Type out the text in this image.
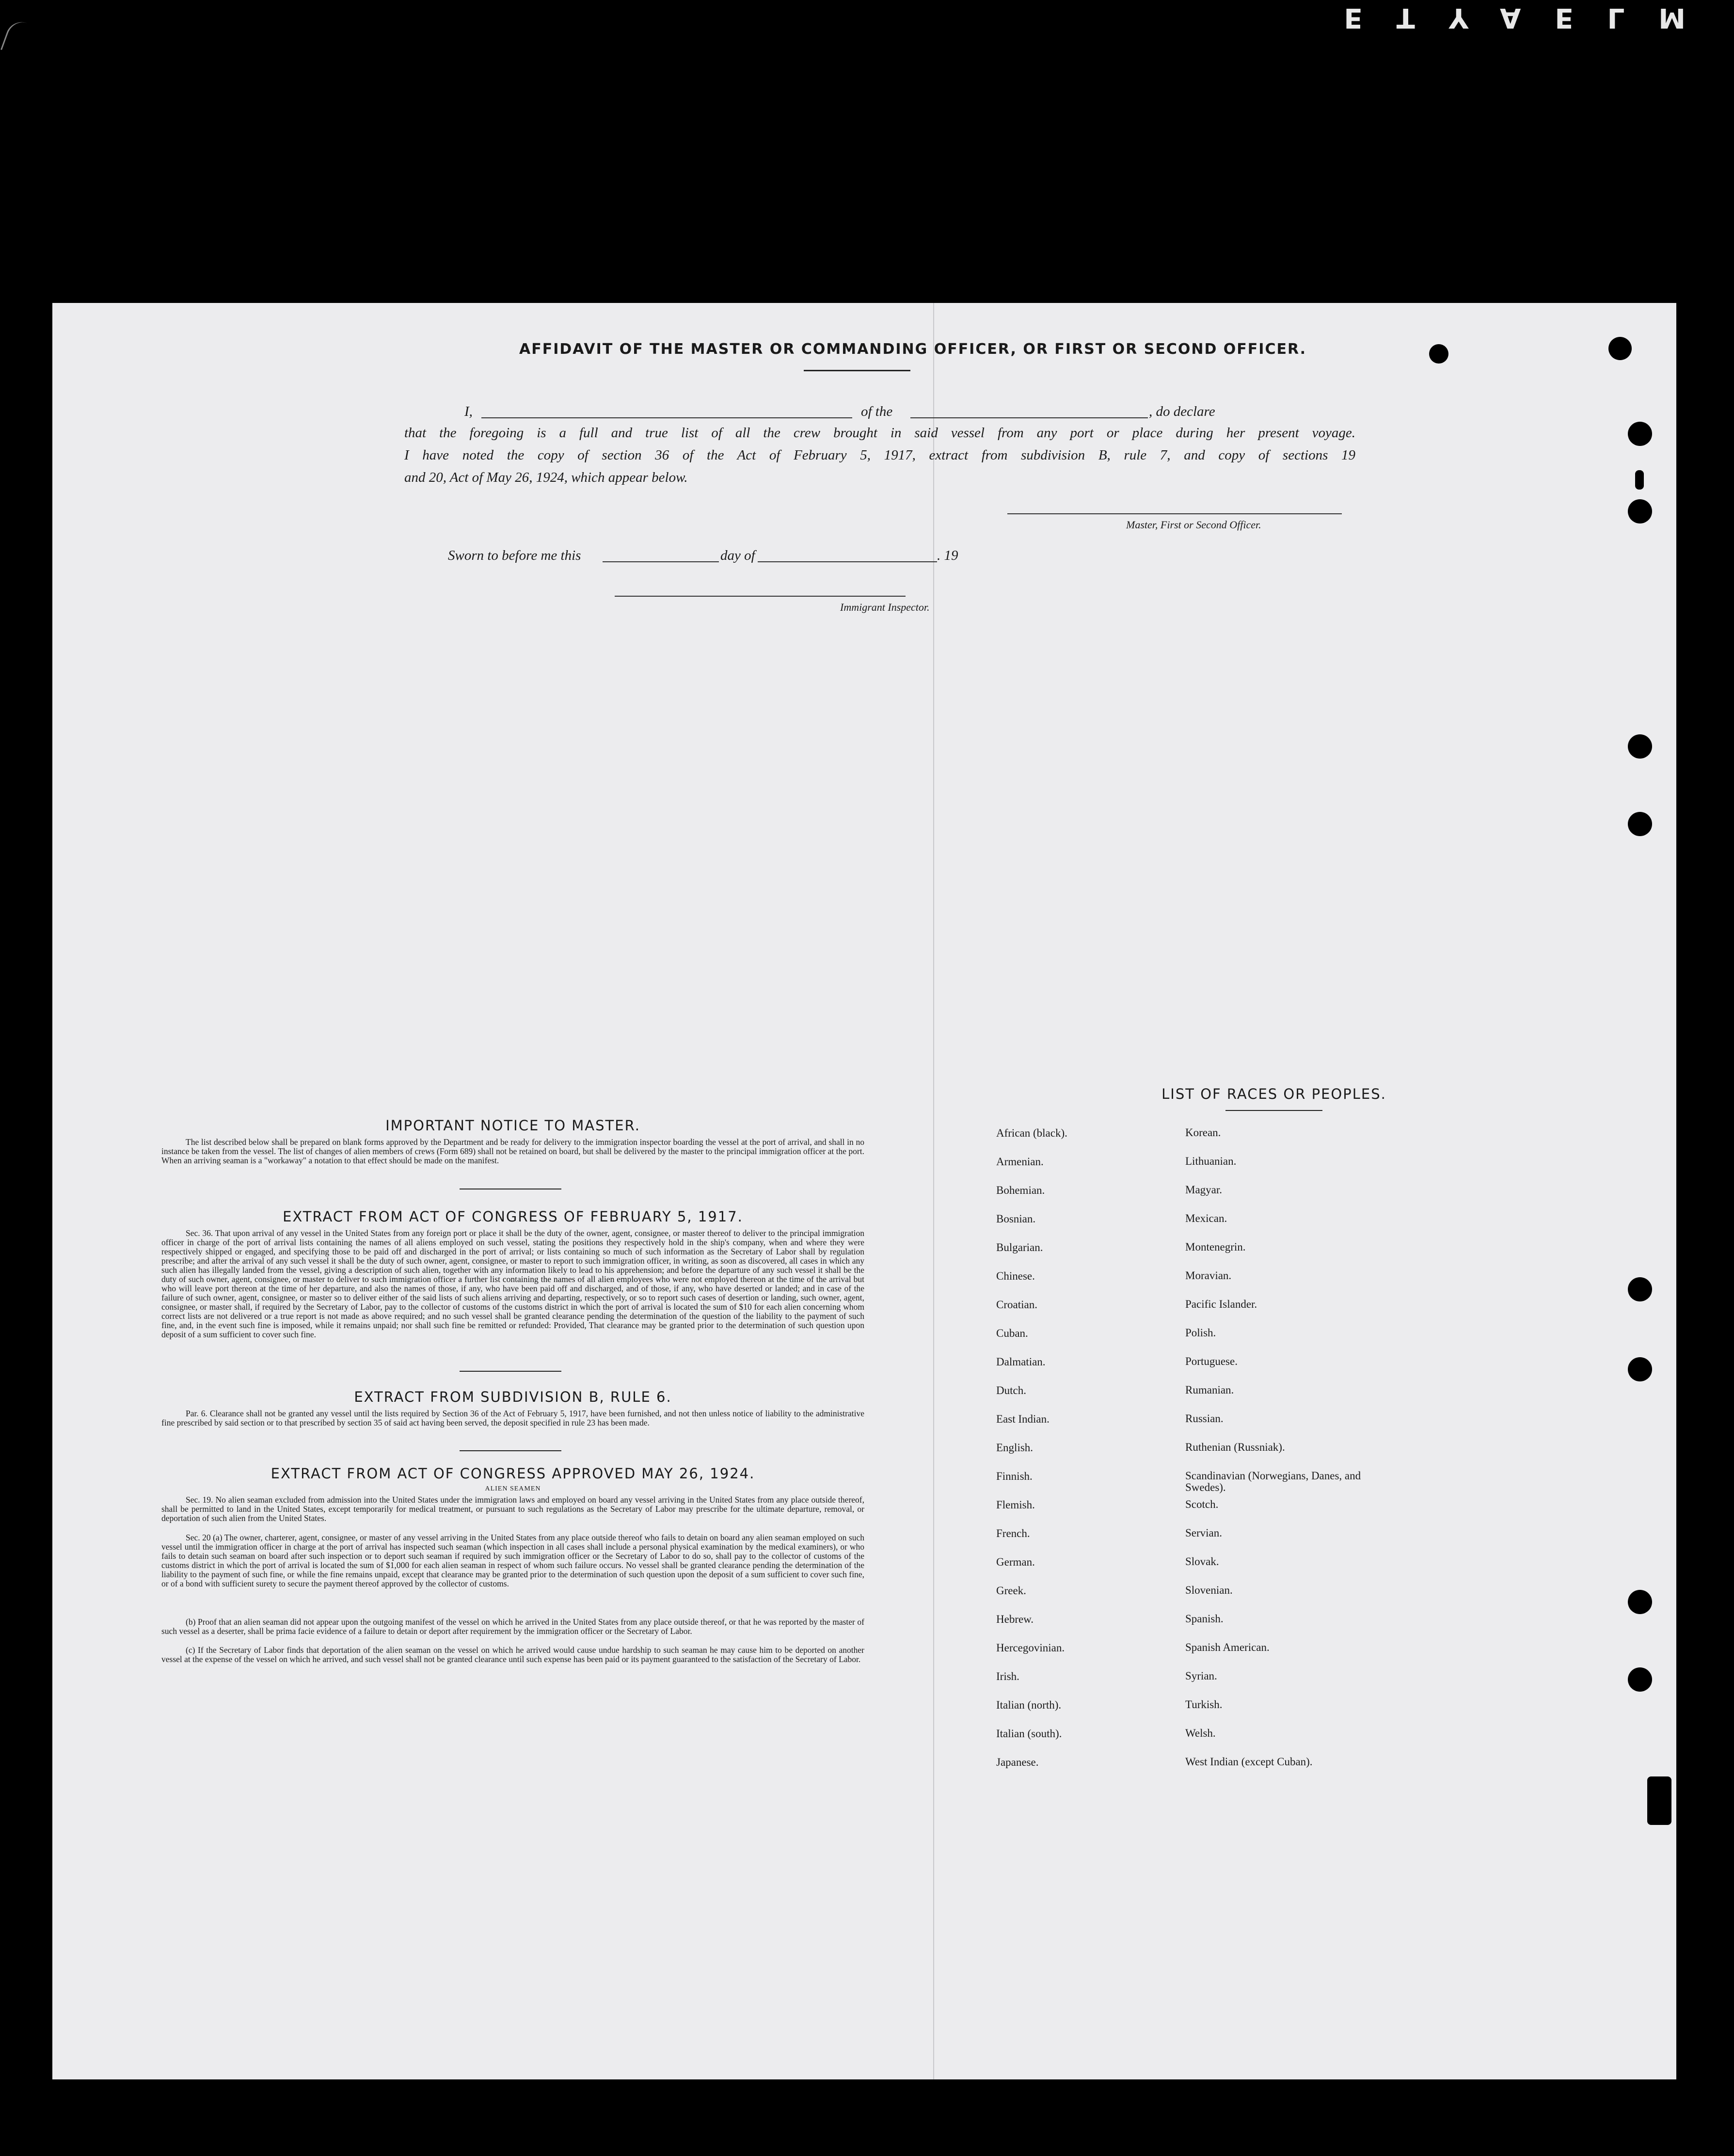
ETYAELM
AFFIDAVIT OF THE MASTER OR COMMANDING OFFICER, OR FIRST OR SECOND OFFICER.
I,	of the	, do declare
that the foregoing is a full and true list of all the crew brought in said vessel from any port or place during her present voyage.
I have noted the copy of section 36 of the Act of February 5, 1917, extract from subdivision B, rule 7, and copy of sections 19
and 20, Act of May 26, 1924, which appear below.
Master, First or Second Officer.
Sworn to before me this	day of	. 19
Immigrant Inspector.
IMPORTANT NOTICE TO MASTER.

The list described below shall be prepared on blank forms approved by the Department and be ready for delivery to the immigration inspector boarding the vessel at the port of arrival, and shall in no instance be taken from the vessel. The list of changes of alien members of crews (Form 689) shall not be retained on board, but shall be delivered by the master to the principal immigration officer at the port. When an arriving seaman is a "workaway" a notation to that effect should be made on the manifest.

EXTRACT FROM ACT OF CONGRESS OF FEBRUARY 5, 1917.

Sec. 36. That upon arrival of any vessel in the United States from any foreign port or place it shall be the duty of the owner, agent, consignee, or master thereof to deliver to the principal immigration officer in charge of the port of arrival lists containing the names of all aliens employed on such vessel, stating the positions they respectively hold in the ship's company, when and where they were respectively shipped or engaged, and specifying those to be paid off and discharged in the port of arrival; or lists containing so much of such information as the Secretary of Labor shall by regulation prescribe; and after the arrival of any such vessel it shall be the duty of such owner, agent, consignee, or master to report to such immigration officer, in writing, as soon as discovered, all cases in which any such alien has illegally landed from the vessel, giving a description of such alien, together with any information likely to lead to his apprehension; and before the departure of any such vessel it shall be the duty of such owner, agent, consignee, or master to deliver to such immigration officer a further list containing the names of all alien employees who were not employed thereon at the time of the arrival but who will leave port thereon at the time of her departure, and also the names of those, if any, who have been paid off and discharged, and of those, if any, who have deserted or landed; and in case of the failure of such owner, agent, consignee, or master so to deliver either of the said lists of such aliens arriving and departing, respectively, or so to report such cases of desertion or landing, such owner, agent, consignee, or master shall, if required by the Secretary of Labor, pay to the collector of customs of the customs district in which the port of arrival is located the sum of $10 for each alien concerning whom correct lists are not delivered or a true report is not made as above required; and no such vessel shall be granted clearance pending the determination of the question of the liability to the payment of such fine, and, in the event such fine is imposed, while it remains unpaid; nor shall such fine be remitted or refunded: Provided, That clearance may be granted prior to the determination of such question upon deposit of a sum sufficient to cover such fine.

EXTRACT FROM SUBDIVISION B, RULE 6.

Par. 6. Clearance shall not be granted any vessel until the lists required by Section 36 of the Act of February 5, 1917, have been furnished, and not then unless notice of liability to the administrative fine prescribed by said section or to that prescribed by section 35 of said act having been served, the deposit specified in rule 23 has been made.

EXTRACT FROM ACT OF CONGRESS APPROVED MAY 26, 1924.
ALIEN SEAMEN

Sec. 19. No alien seaman excluded from admission into the United States under the immigration laws and employed on board any vessel arriving in the United States from any place outside thereof, shall be permitted to land in the United States, except temporarily for medical treatment, or pursuant to such regulations as the Secretary of Labor may prescribe for the ultimate departure, removal, or deportation of such alien from the United States.

Sec. 20 (a) The owner, charterer, agent, consignee, or master of any vessel arriving in the United States from any place outside thereof who fails to detain on board any alien seaman employed on such vessel until the immigration officer in charge at the port of arrival has inspected such seaman (which inspection in all cases shall include a personal physical examination by the medical examiners), or who fails to detain such seaman on board after such inspection or to deport such seaman if required by such immigration officer or the Secretary of Labor to do so, shall pay to the collector of customs of the customs district in which the port of arrival is located the sum of $1,000 for each alien seaman in respect of whom such failure occurs. No vessel shall be granted clearance pending the determination of the liability to the payment of such fine, or while the fine remains unpaid, except that clearance may be granted prior to the determination of such question upon the deposit of a sum sufficient to cover such fine, or of a bond with sufficient surety to secure the payment thereof approved by the collector of customs.

(b) Proof that an alien seaman did not appear upon the outgoing manifest of the vessel on which he arrived in the United States from any place outside thereof, or that he was reported by the master of such vessel as a deserter, shall be prima facie evidence of a failure to detain or deport after requirement by the immigration officer or the Secretary of Labor.

(c) If the Secretary of Labor finds that deportation of the alien seaman on the vessel on which he arrived would cause undue hardship to such seaman he may cause him to be deported on another vessel at the expense of the vessel on which he arrived, and such vessel shall not be granted clearance until such expense has been paid or its payment guaranteed to the satisfaction of the Secretary of Labor.

LIST OF RACES OR PEOPLES.
African (black).	Korean.
Armenian.	Lithuanian.
Bohemian.	Magyar.
Bosnian.	Mexican.
Bulgarian.	Montenegrin.
Chinese.	Moravian.
Croatian.	Pacific Islander.
Cuban.	Polish.
Dalmatian.	Portuguese.
Dutch.	Rumanian.
East Indian.	Russian.
English.	Ruthenian (Russniak).
Finnish.	Scandinavian (Norwegians, Danes, and Swedes).
Flemish.	Scotch.
French.	Servian.
German.	Slovak.
Greek.	Slovenian.
Hebrew.	Spanish.
Hercegovinian.	Spanish American.
Irish.	Syrian.
Italian (north).	Turkish.
Italian (south).	Welsh.
Japanese.	West Indian (except Cuban).
